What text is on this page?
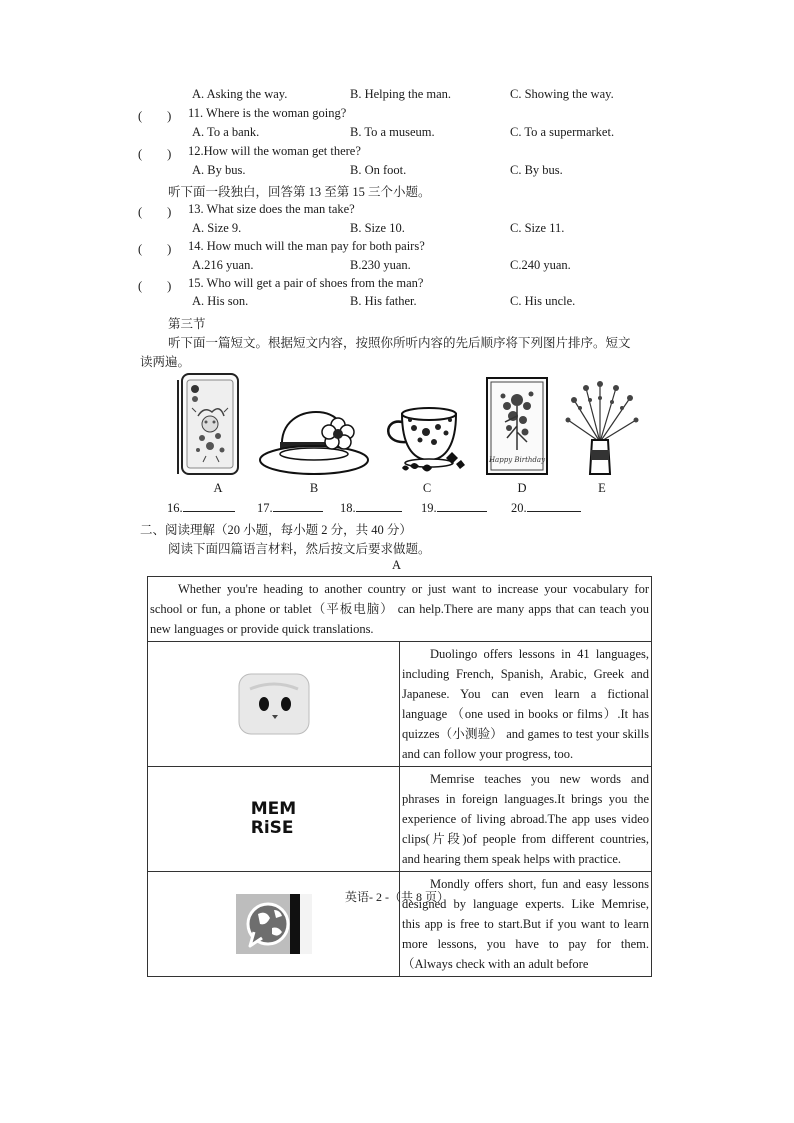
A. Asking the way.	B. Helping the man.	C. Showing the way.
(　　) 11. Where is the woman going?
A. To a bank.	B. To a museum.	C. To a supermarket.
(　　) 12.How will the woman get there?
A. By bus.	B. On foot.	C. By bus.
听下面一段独白，回答第 13 至第 15 三个小题。
(　　) 13. What size does the man take?
A. Size 9.	B. Size 10.	C. Size 11.
(　　) 14. How much will the man pay for both pairs?
A.216 yuan.	B.230 yuan.	C.240 yuan.
(　　) 15. Who will get a pair of shoes from the man?
A. His son.	B. His father.	C. His uncle.
第三节
听下面一篇短文。根据短文内容，按照你所听内容的先后顺序将下列图片排序。短文
读两遍。
Happy Birthday
A	B	C	D	E
16.	17.	18.	19.	20.
二、阅读理解（20 小题，每小题 2 分，共 40 分）
阅读下面四篇语言材料，然后按文后要求做题。
A
Whether you're heading to another country or just want to increase your vocabulary for school or fun, a phone or tablet（平板电脑） can help.There are many apps that can teach you new languages or provide quick translations.	

	Duolingo offers lessons in 41 languages, including French, Spanish, Arabic, Greek and Japanese. You can even learn a fictional language （one used in books or films）.It has quizzes（小测验） and games to test your skills and can follow your progress, too.

MEM
RiSE	Memrise teaches you new words and phrases in foreign languages.It brings you the experience of living abroad.The app uses video clips(片段)of people from different countries, and hearing them speak helps with practice.

	Mondly offers short, fun and easy lessons designed by language experts. Like Memrise, this app is free to start.But if you want to learn more lessons, you have to pay for them. （Always check with an adult before
英语- 2 -（共 8 页）
